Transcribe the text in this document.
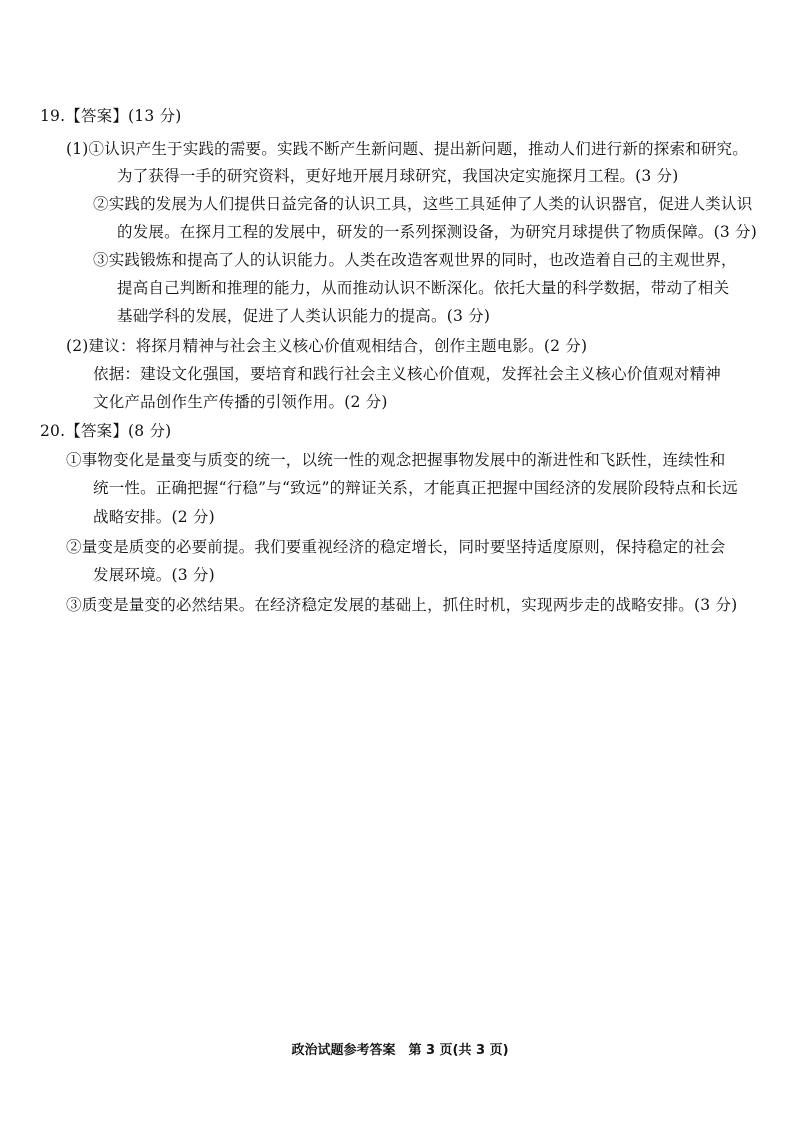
19.【答案】(13 分)
(1)①认识产生于实践的需要。实践不断产生新问题、提出新问题，推动人们进行新的探索和研究。
为了获得一手的研究资料，更好地开展月球研究，我国决定实施探月工程。(3 分)
②实践的发展为人们提供日益完备的认识工具，这些工具延伸了人类的认识器官，促进人类认识
的发展。在探月工程的发展中，研发的一系列探测设备，为研究月球提供了物质保障。(3 分)
③实践锻炼和提高了人的认识能力。人类在改造客观世界的同时，也改造着自己的主观世界，
提高自己判断和推理的能力，从而推动认识不断深化。依托大量的科学数据，带动了相关
基础学科的发展，促进了人类认识能力的提高。(3 分)
(2)建议：将探月精神与社会主义核心价值观相结合，创作主题电影。(2 分)
依据：建设文化强国，要培育和践行社会主义核心价值观，发挥社会主义核心价值观对精神
文化产品创作生产传播的引领作用。(2 分)
20.【答案】(8 分)
①事物变化是量变与质变的统一，以统一性的观念把握事物发展中的渐进性和飞跃性，连续性和
统一性。正确把握“行稳”与“致远”的辩证关系，才能真正把握中国经济的发展阶段特点和长远
战略安排。(2 分)
②量变是质变的必要前提。我们要重视经济的稳定增长，同时要坚持适度原则，保持稳定的社会
发展环境。(3 分)
③质变是量变的必然结果。在经济稳定发展的基础上，抓住时机，实现两步走的战略安排。(3 分)
政治试题参考答案　第 3 页(共 3 页)
